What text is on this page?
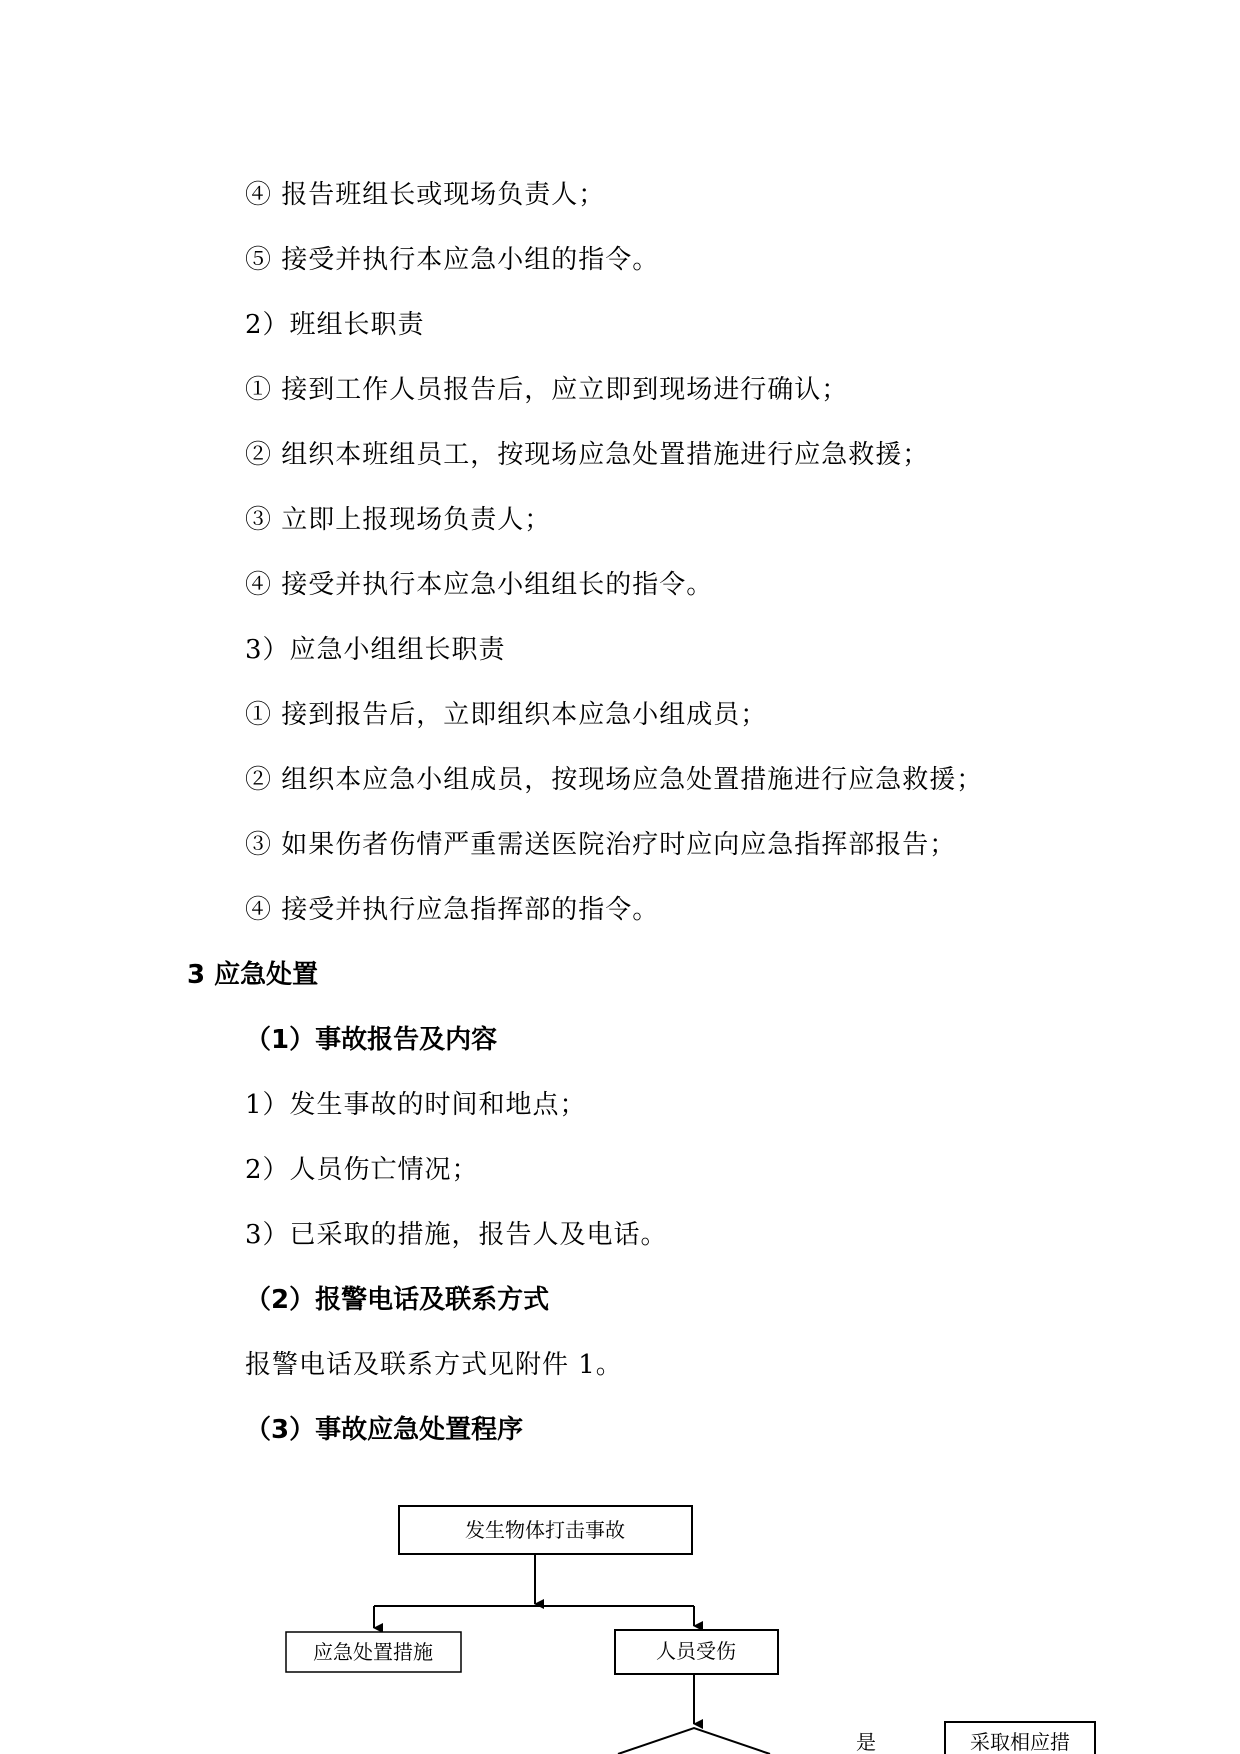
④ 报告班组长或现场负责人；
⑤ 接受并执行本应急小组的指令。
2）班组长职责
① 接到工作人员报告后，应立即到现场进行确认；
② 组织本班组员工，按现场应急处置措施进行应急救援；
③ 立即上报现场负责人；
④ 接受并执行本应急小组组长的指令。
3）应急小组组长职责
① 接到报告后，立即组织本应急小组成员；
② 组织本应急小组成员，按现场应急处置措施进行应急救援；
③ 如果伤者伤情严重需送医院治疗时应向应急指挥部报告；
④ 接受并执行应急指挥部的指令。
3 应急处置
（1）事故报告及内容
1）发生事故的时间和地点；
2）人员伤亡情况；
3）已采取的措施，报告人及电话。
（2）报警电话及联系方式
报警电话及联系方式见附件 1。
（3）事故应急处置程序
发生物体打击事故
应急处置措施	人员受伤
是	采取相应措
